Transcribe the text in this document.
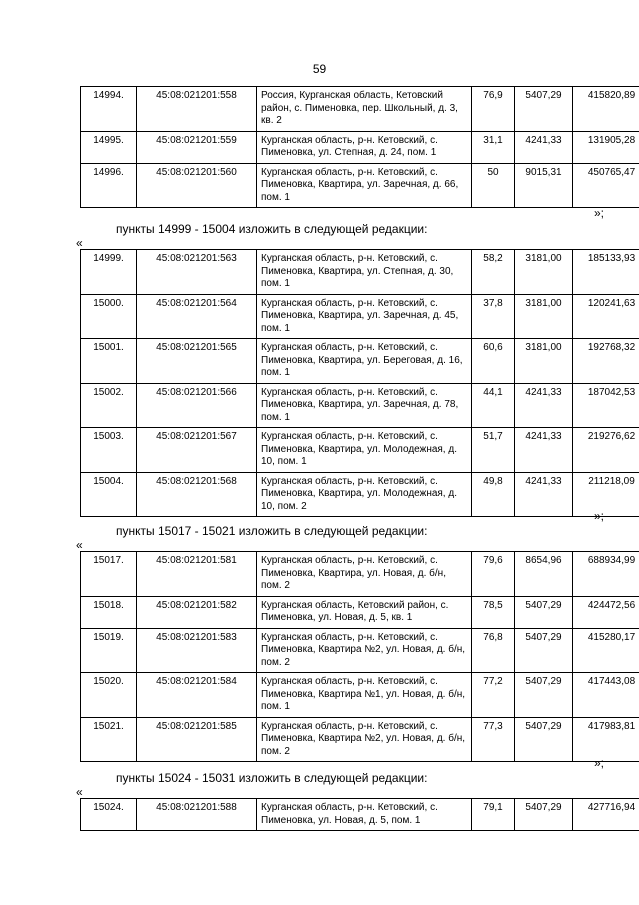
59
14994.	45:08:021201:558	Россия, Курганская область, Кетовский район, с. Пименовка, пер. Школьный, д. 3, кв. 2	76,9	5407,29	415820,89
14995.	45:08:021201:559	Курганская область, р-н. Кетовский, с. Пименовка, ул. Степная, д. 24, пом. 1	31,1	4241,33	131905,28
14996.	45:08:021201:560	Курганская область, р-н. Кетовский, с. Пименовка, Квартира, ул. Заречная, д. 66, пом. 1	50	9015,31	450765,47
»;
пункты 14999 - 15004 изложить в следующей редакции:
«
14999.	45:08:021201:563	Курганская область, р-н. Кетовский, с. Пименовка, Квартира, ул. Степная, д. 30, пом. 1	58,2	3181,00	185133,93
15000.	45:08:021201:564	Курганская область, р-н. Кетовский, с. Пименовка, Квартира, ул. Заречная, д. 45, пом. 1	37,8	3181,00	120241,63
15001.	45:08:021201:565	Курганская область, р-н. Кетовский, с. Пименовка, Квартира, ул. Береговая, д. 16, пом. 1	60,6	3181,00	192768,32
15002.	45:08:021201:566	Курганская область, р-н. Кетовский, с. Пименовка, Квартира, ул. Заречная, д. 78, пом. 1	44,1	4241,33	187042,53
15003.	45:08:021201:567	Курганская область, р-н. Кетовский, с. Пименовка, Квартира, ул. Молодежная, д. 10, пом. 1	51,7	4241,33	219276,62
15004.	45:08:021201:568	Курганская область, р-н. Кетовский, с. Пименовка, Квартира, ул. Молодежная, д. 10, пом. 2	49,8	4241,33	211218,09
»;
пункты 15017 - 15021 изложить в следующей редакции:
«
15017.	45:08:021201:581	Курганская область, р-н. Кетовский, с. Пименовка, Квартира, ул. Новая, д. б/н, пом. 2	79,6	8654,96	688934,99
15018.	45:08:021201:582	Курганская область, Кетовский район, с. Пименовка, ул. Новая, д. 5, кв. 1	78,5	5407,29	424472,56
15019.	45:08:021201:583	Курганская область, р-н. Кетовский, с. Пименовка, Квартира №2, ул. Новая, д. б/н, пом. 2	76,8	5407,29	415280,17
15020.	45:08:021201:584	Курганская область, р-н. Кетовский, с. Пименовка, Квартира №1, ул. Новая, д. б/н, пом. 1	77,2	5407,29	417443,08
15021.	45:08:021201:585	Курганская область, р-н. Кетовский, с. Пименовка, Квартира №2, ул. Новая, д. б/н, пом. 2	77,3	5407,29	417983,81
»;
пункты 15024 - 15031 изложить в следующей редакции:
«
15024.	45:08:021201:588	Курганская область, р-н. Кетовский, с. Пименовка, ул. Новая, д. 5, пом. 1	79,1	5407,29	427716,94
